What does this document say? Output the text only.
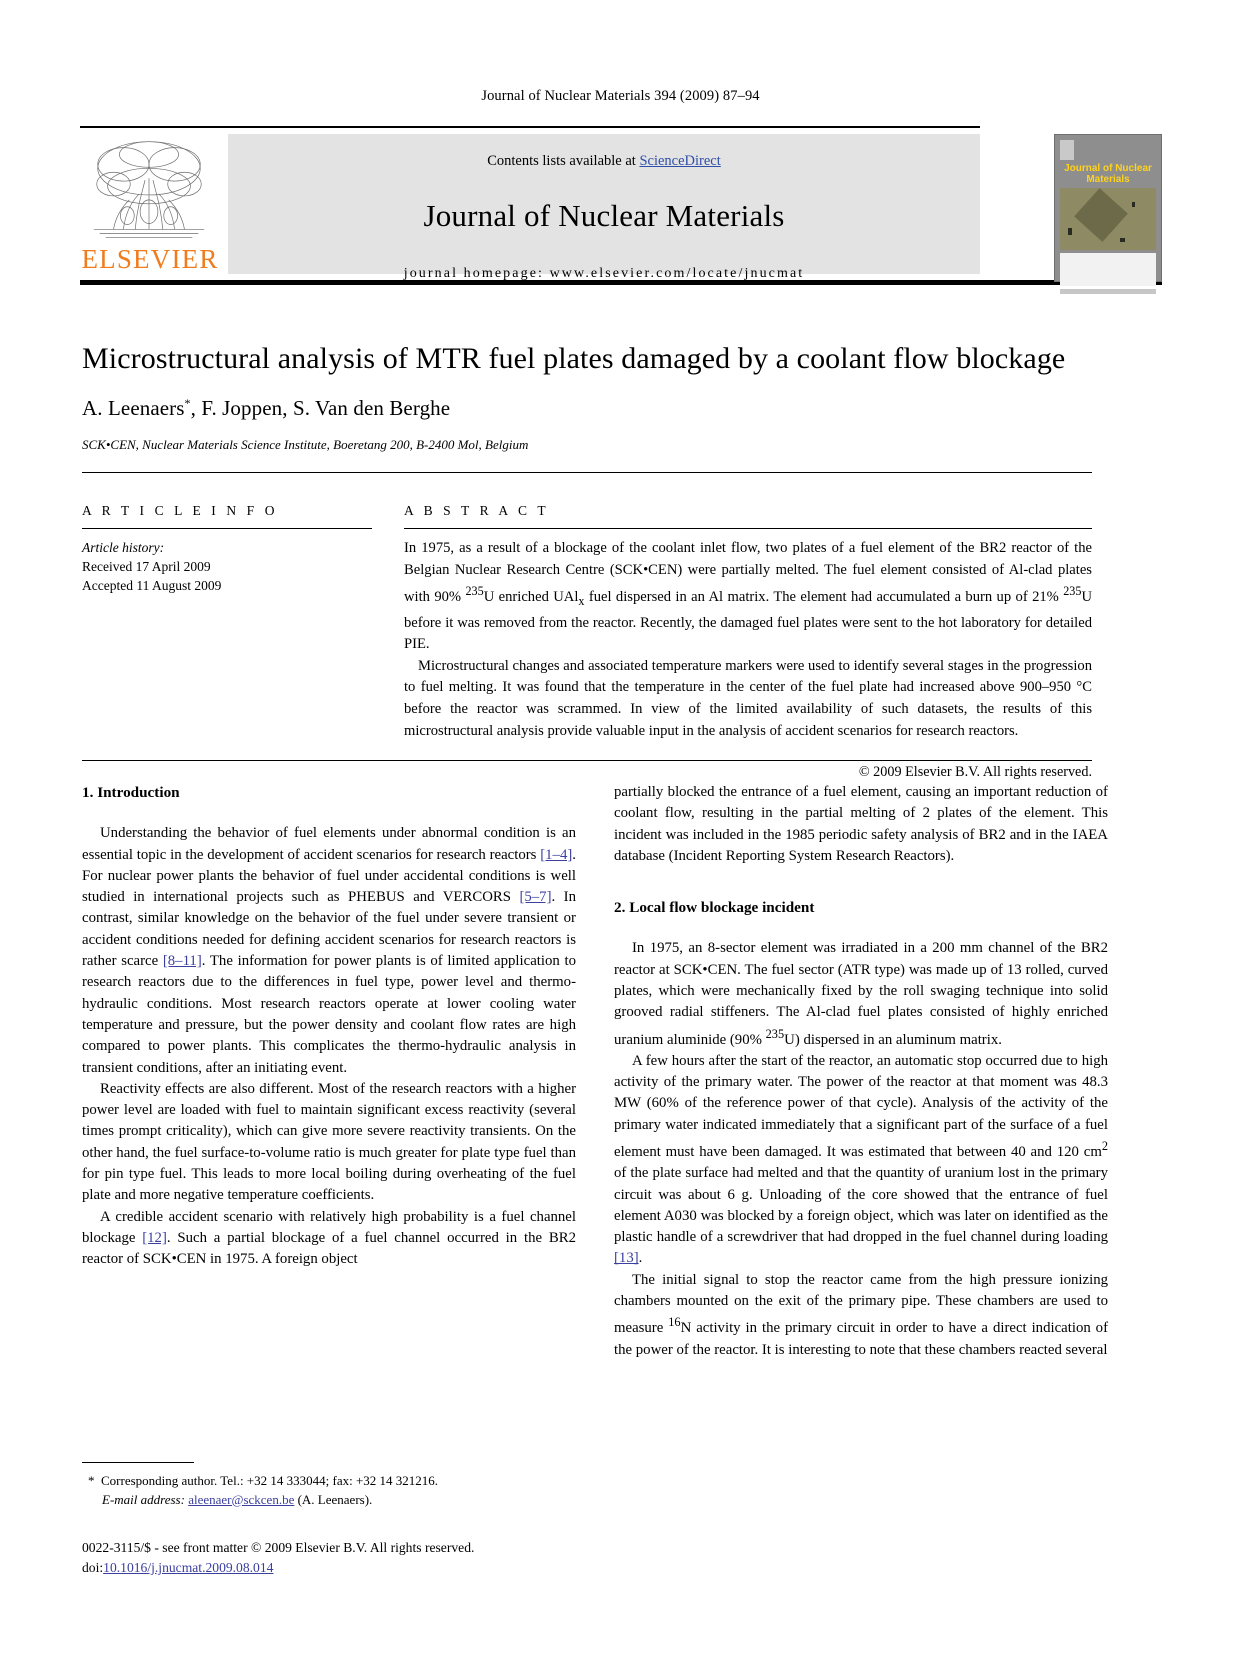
Journal of Nuclear Materials 394 (2009) 87–94
ELSEVIER
Contents lists available at ScienceDirect
Journal of Nuclear Materials
journal homepage: www.elsevier.com/locate/jnucmat
Journal of Nuclear Materials
Microstructural analysis of MTR fuel plates damaged by a coolant flow blockage
A. Leenaers*, F. Joppen, S. Van den Berghe
SCK•CEN, Nuclear Materials Science Institute, Boeretang 200, B-2400 Mol, Belgium
A R T I C L E I N F O
Article history:
Received 17 April 2009
Accepted 11 August 2009
A B S T R A C T

In 1975, as a result of a blockage of the coolant inlet flow, two plates of a fuel element of the BR2 reactor of the Belgian Nuclear Research Centre (SCK•CEN) were partially melted. The fuel element consisted of Al-clad plates with 90% $^{235}$U enriched UAl$_x$ fuel dispersed in an Al matrix. The element had accumulated a burn up of 21% $^{235}$U before it was removed from the reactor. Recently, the damaged fuel plates were sent to the hot laboratory for detailed PIE.

Microstructural changes and associated temperature markers were used to identify several stages in the progression to fuel melting. It was found that the temperature in the center of the fuel plate had increased above 900–950 °C before the reactor was scrammed. In view of the limited availability of such datasets, the results of this microstructural analysis provide valuable input in the analysis of accident scenarios for research reactors.

© 2009 Elsevier B.V. All rights reserved.
1. Introduction

Understanding the behavior of fuel elements under abnormal condition is an essential topic in the development of accident scenarios for research reactors [1–4]. For nuclear power plants the behavior of fuel under accidental conditions is well studied in international projects such as PHEBUS and VERCORS [5–7]. In contrast, similar knowledge on the behavior of the fuel under severe transient or accident conditions needed for defining accident scenarios for research reactors is rather scarce [8–11]. The information for power plants is of limited application to research reactors due to the differences in fuel type, power level and thermo-hydraulic conditions. Most research reactors operate at lower cooling water temperature and pressure, but the power density and coolant flow rates are high compared to power plants. This complicates the thermo-hydraulic analysis in transient conditions, after an initiating event.

Reactivity effects are also different. Most of the research reactors with a higher power level are loaded with fuel to maintain significant excess reactivity (several times prompt criticality), which can give more severe reactivity transients. On the other hand, the fuel surface-to-volume ratio is much greater for plate type fuel than for pin type fuel. This leads to more local boiling during overheating of the fuel plate and more negative temperature coefficients.

A credible accident scenario with relatively high probability is a fuel channel blockage [12]. Such a partial blockage of a fuel channel occurred in the BR2 reactor of SCK•CEN in 1975. A foreign object

partially blocked the entrance of a fuel element, causing an important reduction of coolant flow, resulting in the partial melting of 2 plates of the element. This incident was included in the 1985 periodic safety analysis of BR2 and in the IAEA database (Incident Reporting System Research Reactors).

2. Local flow blockage incident

In 1975, an 8-sector element was irradiated in a 200 mm channel of the BR2 reactor at SCK•CEN. The fuel sector (ATR type) was made up of 13 rolled, curved plates, which were mechanically fixed by the roll swaging technique into solid grooved radial stiffeners. The Al-clad fuel plates consisted of highly enriched uranium aluminide (90% $^{235}$U) dispersed in an aluminum matrix.

A few hours after the start of the reactor, an automatic stop occurred due to high activity of the primary water. The power of the reactor at that moment was 48.3 MW (60% of the reference power of that cycle). Analysis of the activity of the primary water indicated immediately that a significant part of the surface of a fuel element must have been damaged. It was estimated that between 40 and 120 $cm^2$ of the plate surface had melted and that the quantity of uranium lost in the primary circuit was about 6 g. Unloading of the core showed that the entrance of fuel element A030 was blocked by a foreign object, which was later on identified as the plastic handle of a screwdriver that had dropped in the fuel channel during loading [13].

The initial signal to stop the reactor came from the high pressure ionizing chambers mounted on the exit of the primary pipe. These chambers are used to measure $^{16}$N activity in the primary circuit in order to have a direct indication of the power of the reactor. It is interesting to note that these chambers reacted several

* Corresponding author. Tel.: +32 14 333044; fax: +32 14 321216.
E-mail address: aleenaer@sckcen.be (A. Leenaers).
0022-3115/$ - see front matter © 2009 Elsevier B.V. All rights reserved.
doi:10.1016/j.jnucmat.2009.08.014
